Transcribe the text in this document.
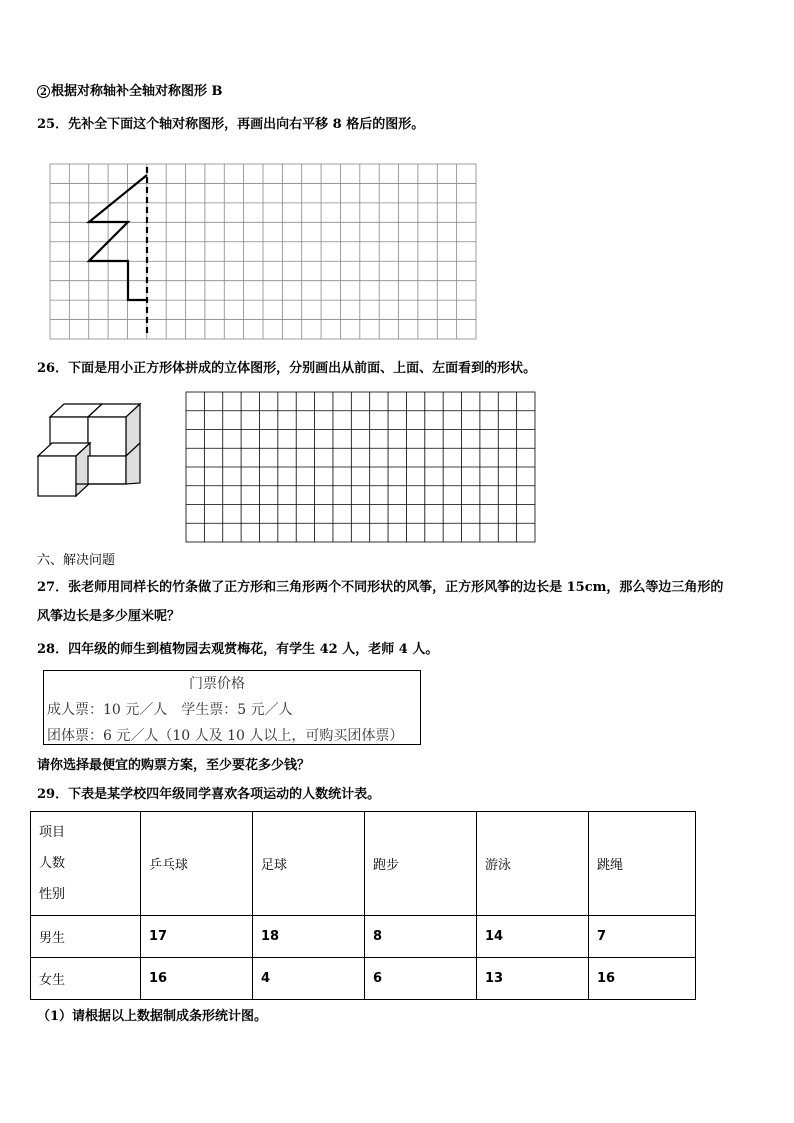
2 根据对称轴补全轴对称图形 B
25．先补全下面这个轴对称图形，再画出向右平移 8 格后的图形。
26．下面是用小正方形体拼成的立体图形，分别画出从前面、上面、左面看到的形状。
六、解决问题
27．张老师用同样长的竹条做了正方形和三角形两个不同形状的风筝，正方形风筝的边长是 15cm，那么等边三角形的
风筝边长是多少厘米呢？
28．四年级的师生到植物园去观赏梅花，有学生 42 人，老师 4 人。
门票价格
成人票：10 元／人　学生票：5 元／人
团体票：6 元／人（10 人及 10 人以上，可购买团体票）
请你选择最便宜的购票方案，至少要花多少钱？
29．下表是某学校四年级同学喜欢各项运动的人数统计表。
项目
人数
性别	乒乓球	足球	跑步	游泳	跳绳
男生	17	18	8	14	7
女生	16	4	6	13	16
（1）请根据以上数据制成条形统计图。
